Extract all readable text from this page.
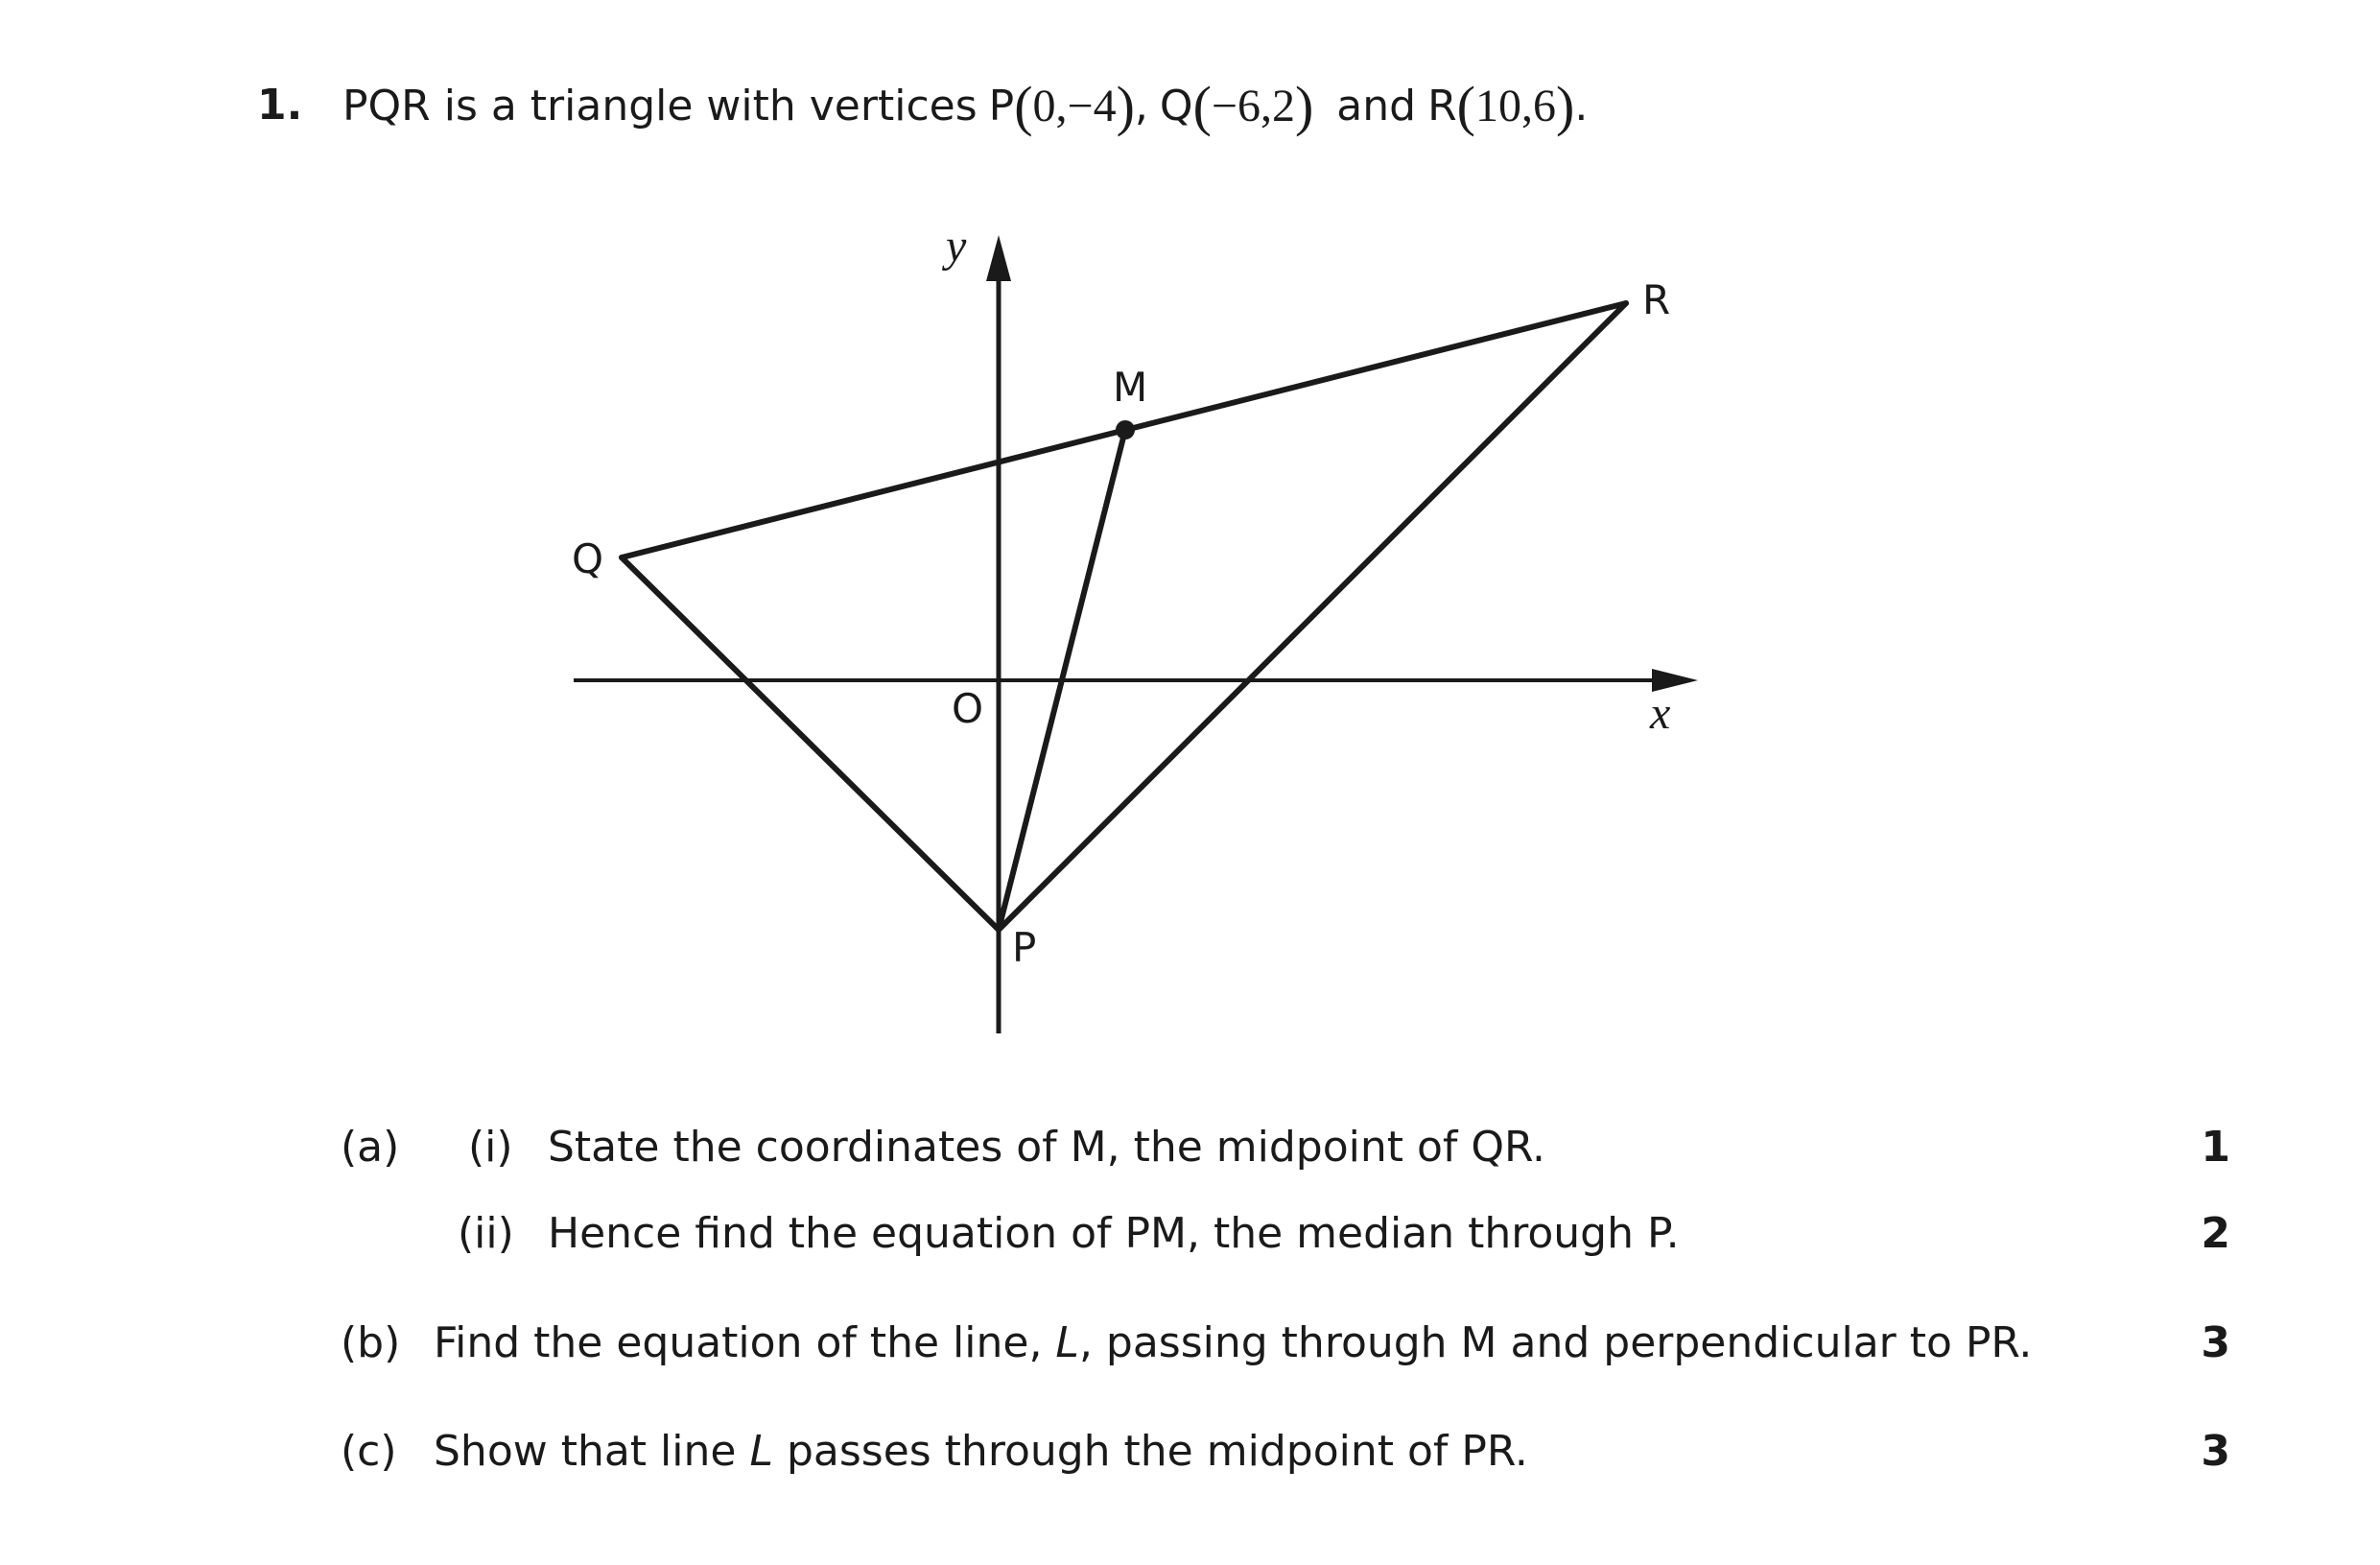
1. PQR is a triangle with vertices P ( 0,−4 ) , Q ( −6,2 ) and R ( 10,6 ) .
Q
R
M
P
O	x
y
(a) (i) State the coordinates of M, the midpoint of QR.	1
(ii) Hence find the equation of PM, the median through P.	2
(b) Find the equation of the line, L, passing through M and perpendicular to PR.	3
(c) Show that line L passes through the midpoint of PR.	3
